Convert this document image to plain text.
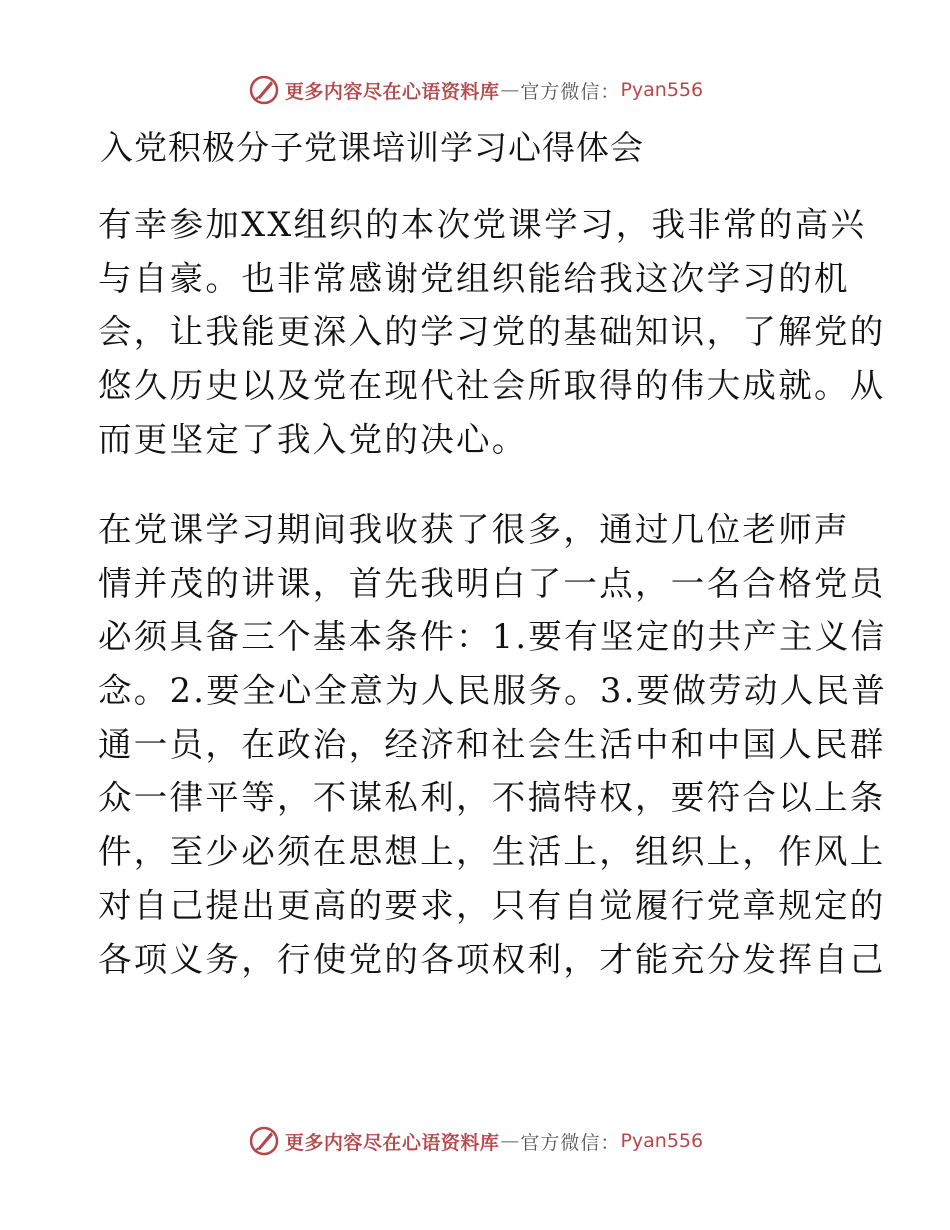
更多内容尽在心语资料库 — 官方微信： Pyan556
入党积极分子党课培训学习心得体会
有幸参加XX组织的本次党课学习，我非常的高兴
与自豪。也非常感谢党组织能给我这次学习的机
会，让我能更深入的学习党的基础知识，了解党的
悠久历史以及党在现代社会所取得的伟大成就。从
而更坚定了我入党的决心。
在党课学习期间我收获了很多，通过几位老师声
情并茂的讲课，首先我明白了一点，一名合格党员
必须具备三个基本条件：1.要有坚定的共产主义信
念。2.要全心全意为人民服务。3.要做劳动人民普
通一员，在政治，经济和社会生活中和中国人民群
众一律平等，不谋私利，不搞特权，要符合以上条
件，至少必须在思想上，生活上，组织上，作风上
对自己提出更高的要求，只有自觉履行党章规定的
各项义务，行使党的各项权利，才能充分发挥自己
更多内容尽在心语资料库 — 官方微信： Pyan556
